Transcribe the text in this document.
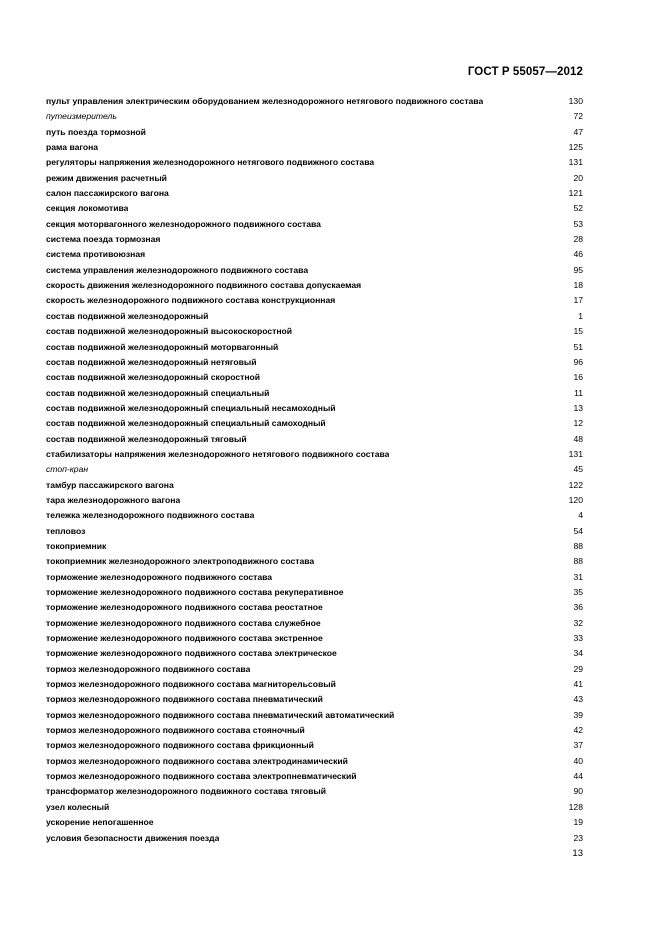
ГОСТ Р 55057—2012
пульт управления электрическим оборудованием железнодорожного нетягового подвижного состава	130
путеизмеритель	72
путь поезда тормозной	47
рама вагона	125
регуляторы напряжения железнодорожного нетягового подвижного состава	131
режим движения расчетный	20
салон пассажирского вагона	121
секция локомотива	52
секция моторвагонного железнодорожного подвижного состава	53
система поезда тормозная	28
система противоюзная	46
система управления железнодорожного подвижного состава	95
скорость движения железнодорожного подвижного состава допускаемая	18
скорость железнодорожного подвижного состава конструкционная	17
состав подвижной железнодорожный	1
состав подвижной железнодорожный высокоскоростной	15
состав подвижной железнодорожный моторвагонный	51
состав подвижной железнодорожный нетяговый	96
состав подвижной железнодорожный скоростной	16
состав подвижной железнодорожный специальный	11
состав подвижной железнодорожный специальный несамоходный	13
состав подвижной железнодорожный специальный самоходный	12
состав подвижной железнодорожный тяговый	48
стабилизаторы напряжения железнодорожного нетягового подвижного состава	131
стоп-кран	45
тамбур пассажирского вагона	122
тара железнодорожного вагона	120
тележка железнодорожного подвижного состава	4
тепловоз	54
токоприемник	88
токоприемник железнодорожного электроподвижного состава	88
торможение железнодорожного подвижного состава	31
торможение железнодорожного подвижного состава рекуперативное	35
торможение железнодорожного подвижного состава реостатное	36
торможение железнодорожного подвижного состава служебное	32
торможение железнодорожного подвижного состава экстренное	33
торможение железнодорожного подвижного состава электрическое	34
тормоз железнодорожного подвижного состава	29
тормоз железнодорожного подвижного состава магниторельсовый	41
тормоз железнодорожного подвижного состава пневматический	43
тормоз железнодорожного подвижного состава пневматический автоматический	39
тормоз железнодорожного подвижного состава стояночный	42
тормоз железнодорожного подвижного состава фрикционный	37
тормоз железнодорожного подвижного состава электродинамический	40
тормоз железнодорожного подвижного состава электропневматический	44
трансформатор железнодорожного подвижного состава тяговый	90
узел колесный	128
ускорение непогашенное	19
условия безопасности движения поезда	23
13
